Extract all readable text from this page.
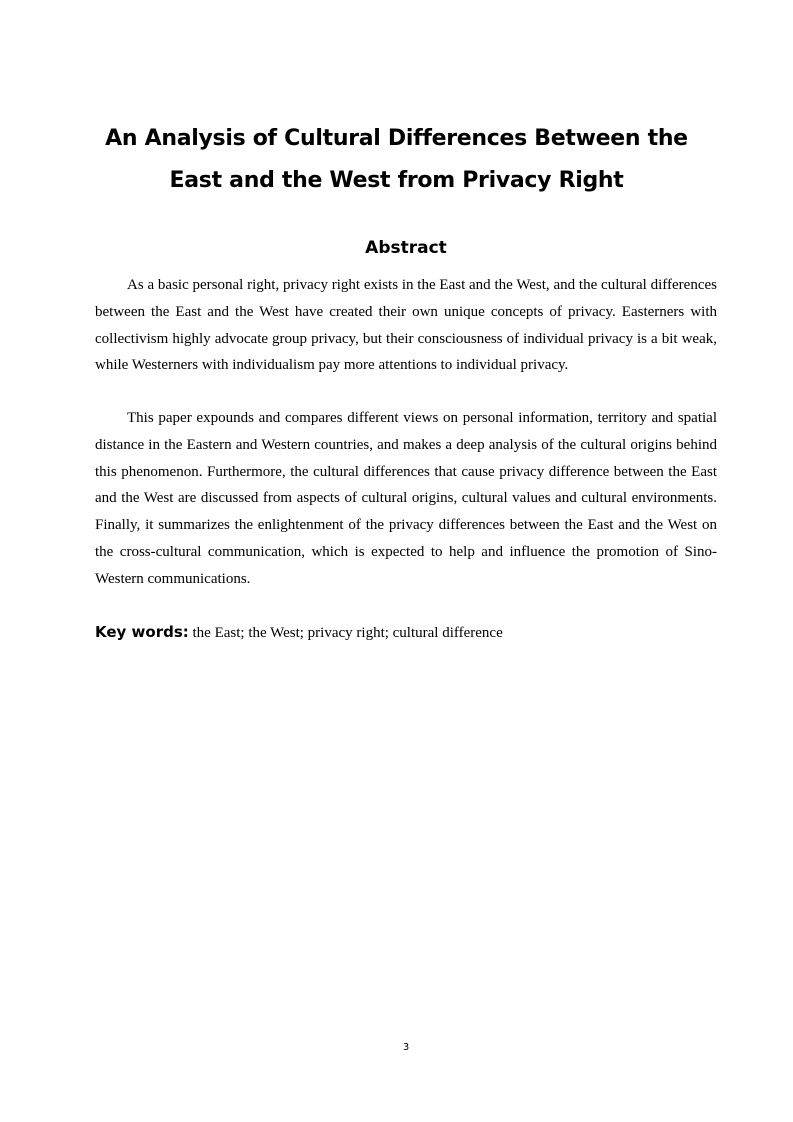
An Analysis of Cultural Differences Between the
East and the West from Privacy Right
Abstract

As a basic personal right, privacy right exists in the East and the West, and the cultural differences between the East and the West have created their own unique concepts of privacy. Easterners with collectivism highly advocate group privacy, but their consciousness of individual privacy is a bit weak, while Westerners with individualism pay more attentions to individual privacy.

This paper expounds and compares different views on personal information, territory and spatial distance in the Eastern and Western countries, and makes a deep analysis of the cultural origins behind this phenomenon. Furthermore, the cultural differences that cause privacy difference between the East and the West are discussed from aspects of cultural origins, cultural values and cultural environments. Finally, it summarizes the enlightenment of the privacy differences between the East and the West on the cross-cultural communication, which is expected to help and influence the promotion of Sino-Western communications.

Key words: the East; the West; privacy right; cultural difference
3
